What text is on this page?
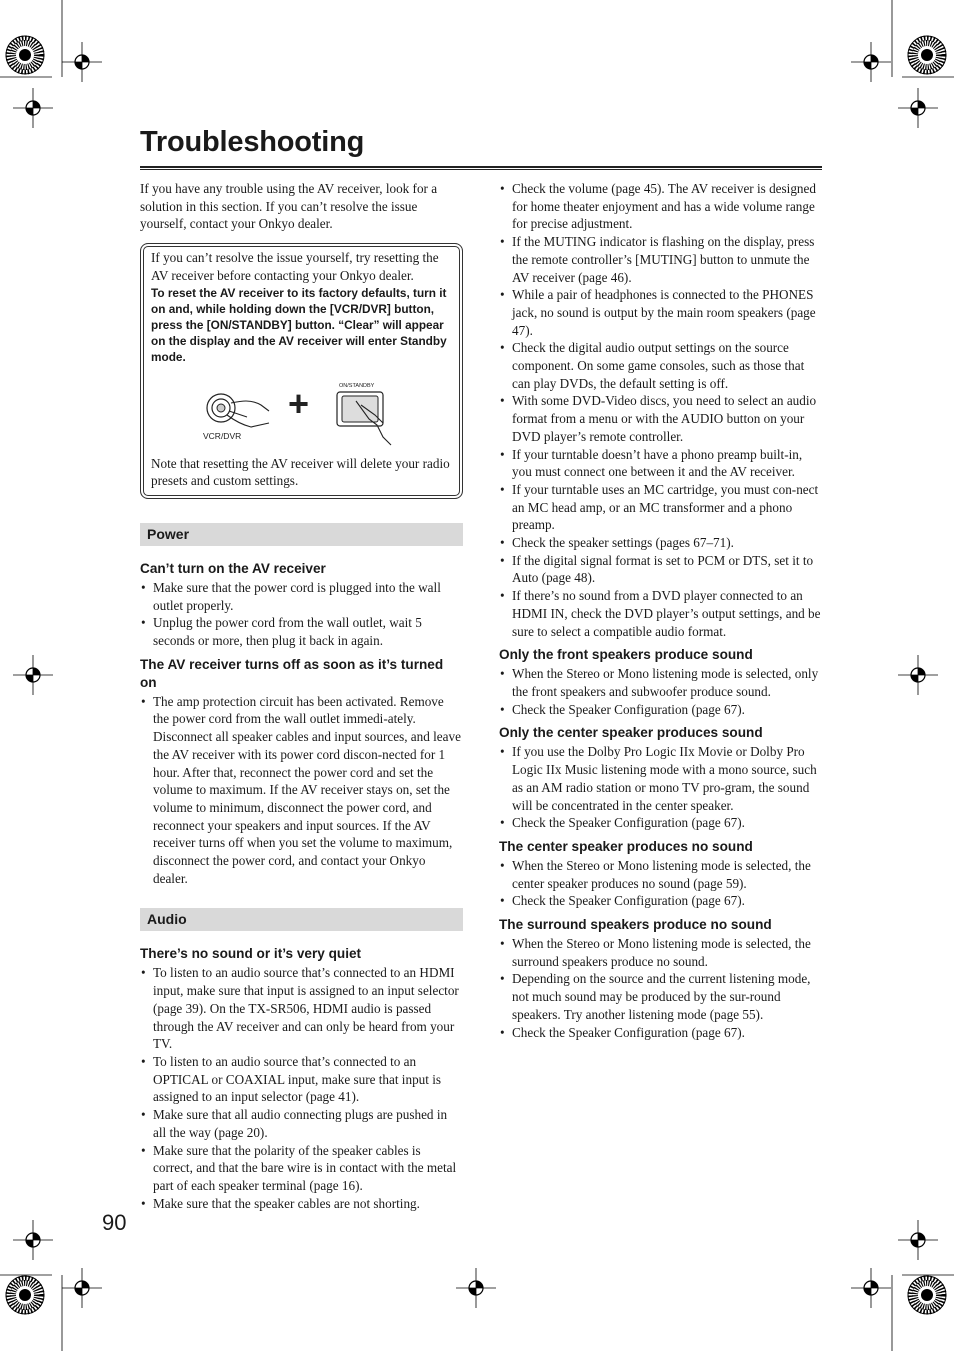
Troubleshooting

If you have any trouble using the AV receiver, look for a solution in this section. If you can’t resolve the issue yourself, contact your Onkyo dealer.

If you can’t resolve the issue yourself, try resetting the AV receiver before contacting your Onkyo dealer.

To reset the AV receiver to its factory defaults, turn it on and, while holding down the [VCR/DVR] button, press the [ON/STANDBY] button. “Clear” will appear on the display and the AV receiver will enter Standby mode.

VCR/DVR
+	ON/STANDBY

Note that resetting the AV receiver will delete your radio presets and custom settings.

Power
Can’t turn on the AV receiver
• Make sure that the power cord is plugged into the wall outlet properly.
• Unplug the power cord from the wall outlet, wait 5 seconds or more, then plug it back in again.
The AV receiver turns off as soon as it’s turned on
• The amp protection circuit has been activated. Remove the power cord from the wall outlet immedi-ately. Disconnect all speaker cables and input sources, and leave the AV receiver with its power cord discon-nected for 1 hour. After that, reconnect the power cord and set the volume to maximum. If the AV receiver stays on, set the volume to minimum, disconnect the power cord, and reconnect your speakers and input sources. If the AV receiver turns off when you set the volume to maximum, disconnect the power cord, and contact your Onkyo dealer.
Audio
There’s no sound or it’s very quiet
• To listen to an audio source that’s connected to an HDMI input, make sure that input is assigned to an input selector (page 39). On the TX-SR506, HDMI audio is passed through the AV receiver and can only be heard from your TV.
• To listen to an audio source that’s connected to an OPTICAL or COAXIAL input, make sure that input is assigned to an input selector (page 41).
• Make sure that all audio connecting plugs are pushed in all the way (page 20).
• Make sure that the polarity of the speaker cables is correct, and that the bare wire is in contact with the metal part of each speaker terminal (page 16).
• Make sure that the speaker cables are not shorting.
• Check the volume (page 45). The AV receiver is designed for home theater enjoyment and has a wide volume range for precise adjustment.
• If the MUTING indicator is flashing on the display, press the remote controller’s [MUTING] button to unmute the AV receiver (page 46).
• While a pair of headphones is connected to the PHONES jack, no sound is output by the main room speakers (page 47).
• Check the digital audio output settings on the source component. On some game consoles, such as those that can play DVDs, the default setting is off.
• With some DVD-Video discs, you need to select an audio format from a menu or with the AUDIO button on your DVD player’s remote controller.
• If your turntable doesn’t have a phono preamp built-in, you must connect one between it and the AV receiver.
• If your turntable uses an MC cartridge, you must con-nect an MC head amp, or an MC transformer and a phono preamp.
• Check the speaker settings (pages 67–71).
• If the digital signal format is set to PCM or DTS, set it to Auto (page 48).
• If there’s no sound from a DVD player connected to an HDMI IN, check the DVD player’s output settings, and be sure to select a compatible audio format.
Only the front speakers produce sound
• When the Stereo or Mono listening mode is selected, only the front speakers and subwoofer produce sound.
• Check the Speaker Configuration (page 67).
Only the center speaker produces sound
• If you use the Dolby Pro Logic IIx Movie or Dolby Pro Logic IIx Music listening mode with a mono source, such as an AM radio station or mono TV pro-gram, the sound will be concentrated in the center speaker.
• Check the Speaker Configuration (page 67).
The center speaker produces no sound
• When the Stereo or Mono listening mode is selected, the center speaker produces no sound (page 59).
• Check the Speaker Configuration (page 67).
The surround speakers produce no sound
• When the Stereo or Mono listening mode is selected, the surround speakers produce no sound.
• Depending on the source and the current listening mode, not much sound may be produced by the sur-round speakers. Try another listening mode (page 55).
• Check the Speaker Configuration (page 67).
90
